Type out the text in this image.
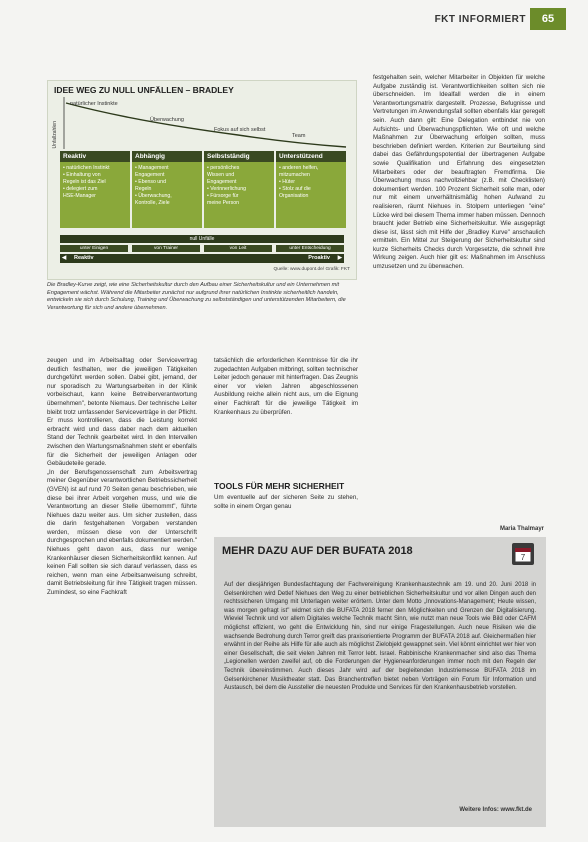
FKT INFORMIERT	65
IDEE WEG ZU NULL UNFÄLLEN – BRADLEY
Unfallzahlen
natürlicher Instinkte
Überwachung
Fokus auf sich selbst
Team
Reaktiv
• natürlichen Instinkt
• Einhaltung von
Regeln ist das Ziel
• delegiert zum
HSE-Manager
Abhängig
• Management
Engagement
• Ebenso und
Regeln
• Überwachung,
Kontrolle, Ziele
Selbstständig
• persönliches
Wissen und
Engagement
• Verinnerlichung
• Fürsorge für
meine Person
Unterstützend
• anderen helfen,
mitzumachen
• Hüter
• Stolz auf die
Organisation
null Unfälle
unter Einigen	von Trainer	von Leit	unter Entscheidung
◀ Reaktiv	Proaktiv ▶
Quelle: www.dupont.de/ Grafik: FKT
Die Bradley-Kurve zeigt, wie eine Sicherheitskultur durch den Aufbau einer Sicherheitskultur und ein Unternehmen mit Engagement wächst. Während die Mitarbeiter zunächst nur aufgrund ihrer natürlichen Instinkte sicherheitlich handeln, entwickeln sie sich durch Schulung, Training und Überwachung zu selbstständigen und unterstützenden Mitarbeitern, die Verantwortung für sich und andere übernehmen.

zeugen und im Arbeitsalltag oder Servicevertrag deutlich festhalten, wer die jeweiligen Tätigkeiten durchgeführt werden sollen. Dabei gibt, jemand, der nur sporadisch zu Wartungsarbeiten in der Klinik vorbeischaut, kann keine Betreiberverantwortung übernehmen", betonte Niemaus. Der technische Leiter bleibt trotz umfassender Serviceverträge in der Pflicht. Er muss kontrollieren, dass die Leistung korrekt erbracht wird und dass daber nach dem aktuellen Stand der Technik gearbeitet wird. In den Intervallen zwischen den Wartungsmaßnahmen steht er ebenfalls für die Sicherheit der jeweiligen Anlagen oder Gebäudeteile gerade.

„In der Berufsgenossenschaft zum Arbeitsvertrag meiner Gegenüber verantwortlichen Betriebssicherheit (GVEN) ist auf rund 70 Seiten genau beschrieben, wie diese bei ihrer Arbeit vorgehen muss, und wie die Verantwortung an dieser Stelle übernommt", führte Niehues dazu weiter aus. Um sicher zustellen, dass die darin festgehaltenen Vorgaben verstanden werden, müssen diese von der Unterschrift durchgesprochen und ebenfalls dokumentiert werden." Niehues geht davon aus, dass nur wenige Krankenhäuser diesen Sicherheitskonflikt kennen. Auf keinen Fall sollten sie sich darauf verlassen, dass es reichen, wenn man eine Arbeitsanweisung schreibt, damit Betriebsleitung für ihre Tätigkeit tragen müssen. Zumindest, so eine Fachkraft

tatsächlich die erforderlichen Kenntnisse für die ihr zugedachten Aufgaben mitbringt, sollten technischer Leiter jedoch genauer mit hinterfragen. Das Zeugnis einer vor vielen Jahren abgeschlossenen Ausbildung reiche allein nicht aus, um die Eignung einer Fachkraft für die jeweilige Tätigkeit im Krankenhaus zu überprüfen.
TOOLS FÜR MEHR SICHERHEIT
Um eventuelle auf der sicheren Seite zu stehen, sollte in einem Organ genau
festgehalten sein, welcher Mitarbeiter in Objekten für welche Aufgabe zuständig ist. Verantwortlichkeiten sollten sich nie überschneiden. Im Idealfall werden die in einem Verantwortungsmatrix dargestellt. Prozesse, Befugnisse und Vertretungen im Anwendungsfall sollten ebenfalls klar geregelt sein. Auch dann gilt: Eine Delegation entbindet nie von Aufsichts- und Überwachungspflichten. Wie oft und welche Maßnahmen zur Überwachung erfolgen sollten, muss beschrieben definiert werden. Kriterien zur Beurteilung sind dabei das Gefährdungspotential der übertragenen Aufgabe sowie Qualifikation und Erfahrung des eingesetzten Mitarbeiters oder der beauftragten Fremdfirma. Die Überwachung muss nachvollziehbar (z.B. mit Checklisten) dokumentiert werden. 100 Prozent Sicherheit solle man, oder nur mit einem unverhältnismäßig hohen Aufwand zu realisieren, räumt Niehues in. Stolpern unterliegen "eine" Lücke wird bei diesem Thema immer haben müssen. Dennoch braucht jeder Betrieb eine Sicherheitskultur. Wie ausgeprägt diese ist, lässt sich mit Hilfe der „Bradley Kurve" anschaulich ermitteln. Ein Mittel zur Steigerung der Sicherheitskultur sind kurze Sicherheits Checks durch Vorgesetzte, die schnell ihre Wirkung zeigen. Auch hier gilt es: Maßnahmen im Anschluss umzusetzen und zu überwachen.
Maria Thalmayr
MEHR DAZU AUF DER BUFATA 2018
7
Auf der diesjährigen Bundesfachtagung der Fachvereinigung Krankenhaustechnik am 19. und 20. Juni 2018 in Gelsenkirchen wird Detlef Niehues den Weg zu einer betrieblichen Sicherheitskultur und vor allen Dingen auch den rechtssicheren Umgang mit Unterlagen weiter erörtern. Unter dem Motto „Innovations-Management; Heute wissen, was morgen gefragt ist" widmet sich die BUFATA 2018 ferner den Möglichkeiten und Grenzen der Digitalisierung. Wieviel Technik und vor allem Digitales welche Technik macht Sinn, wie nutzt man neue Tools wie Bild oder CAFM möglichst effizient, wo geht die Entwicklung hin, sind nur einige Fragestellungen. Auch neue Risiken wie die wachsende Bedrohung durch Terror greift das praxisorientierte Programm der BUFATA 2018 auf. Gleichermaßen hier erwähnt in der Reihe als Hilfe für alle auch als möglichst Zielobjekt gewappnet sein. Viel könnt einrichtet wer hier von einer Gesellschaft, die seit vielen Jahren mit Terror lebt. Israel. Rabbinische Krankenmacher sind also das Thema „Legionellen werden zweifel auf, ob die Forderungen der Hygieneanforderungen immer noch mit den Regeln der Technik übereinstimmen. Auch dieses Jahr wird auf der begleitenden Industriemesse BUFATA 2018 im Gelsenkirchener Musiktheater statt. Das Branchentreffen bietet neben Vorträgen ein Forum für Information und Austausch, bei dem die Aussteller die neuesten Produkte und Services für den Krankenhausbetrieb vorstellen.
Weitere Infos: www.fkt.de
